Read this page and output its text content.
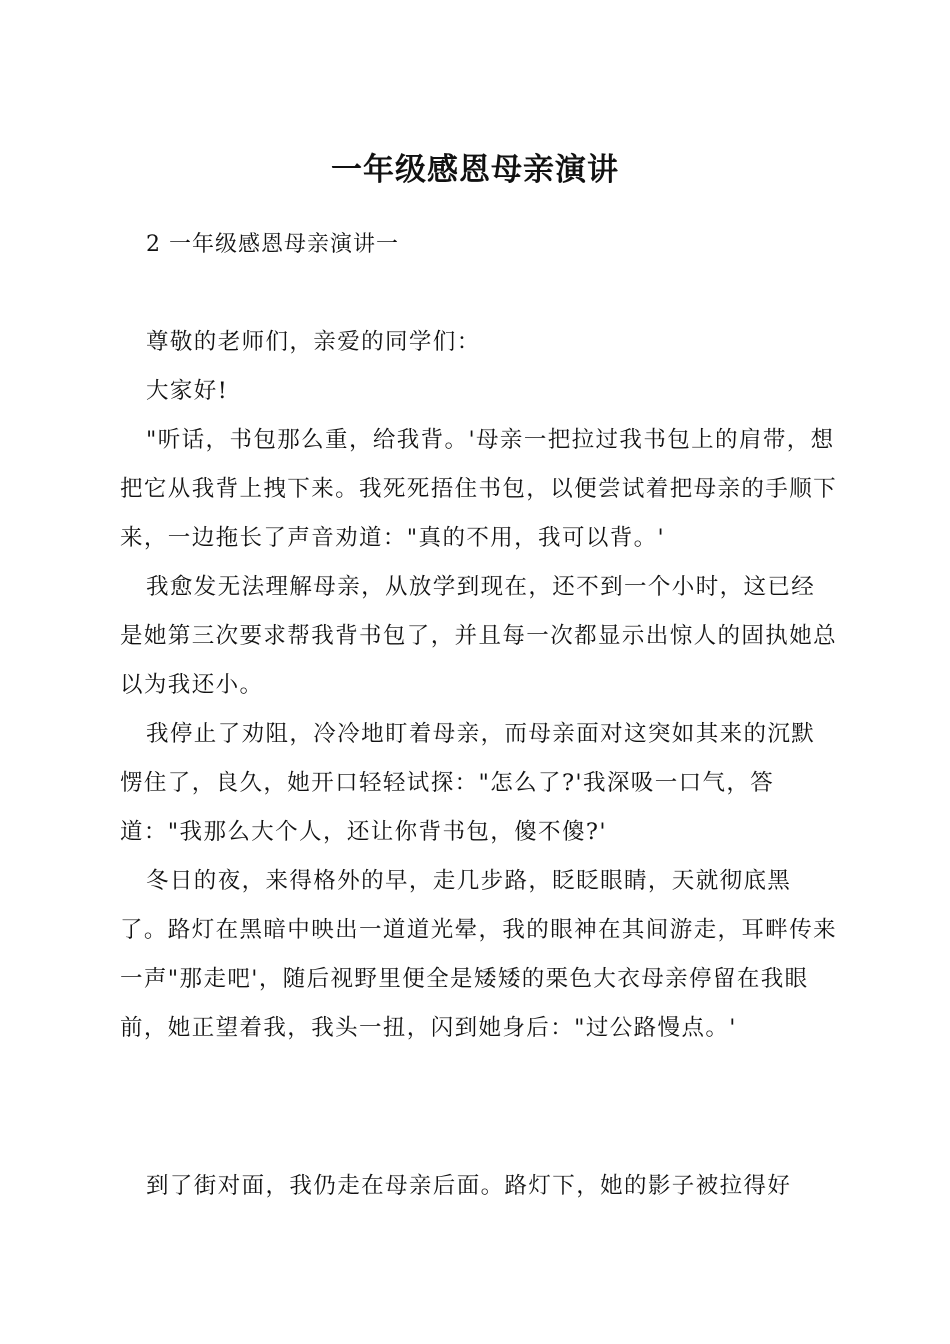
一年级感恩母亲演讲
2 一年级感恩母亲演讲一

尊敬的老师们，亲爱的同学们：

大家好!

"听话，书包那么重，给我背。'母亲一把拉过我书包上的肩带，想把它从我背上拽下来。我死死捂住书包，以便尝试着把母亲的手顺下来，一边拖长了声音劝道："真的不用，我可以背。'

我愈发无法理解母亲，从放学到现在，还不到一个小时，这已经是她第三次要求帮我背书包了，并且每一次都显示出惊人的固执她总以为我还小。

我停止了劝阻，冷冷地盯着母亲，而母亲面对这突如其来的沉默愣住了，良久，她开口轻轻试探："怎么了?'我深吸一口气，答道："我那么大个人，还让你背书包，傻不傻?'

冬日的夜，来得格外的早，走几步路，眨眨眼睛，天就彻底黑了。路灯在黑暗中映出一道道光晕，我的眼神在其间游走，耳畔传来一声"那走吧'，随后视野里便全是矮矮的栗色大衣母亲停留在我眼前，她正望着我，我头一扭，闪到她身后："过公路慢点。'

到了街对面，我仍走在母亲后面。路灯下，她的影子被拉得好
